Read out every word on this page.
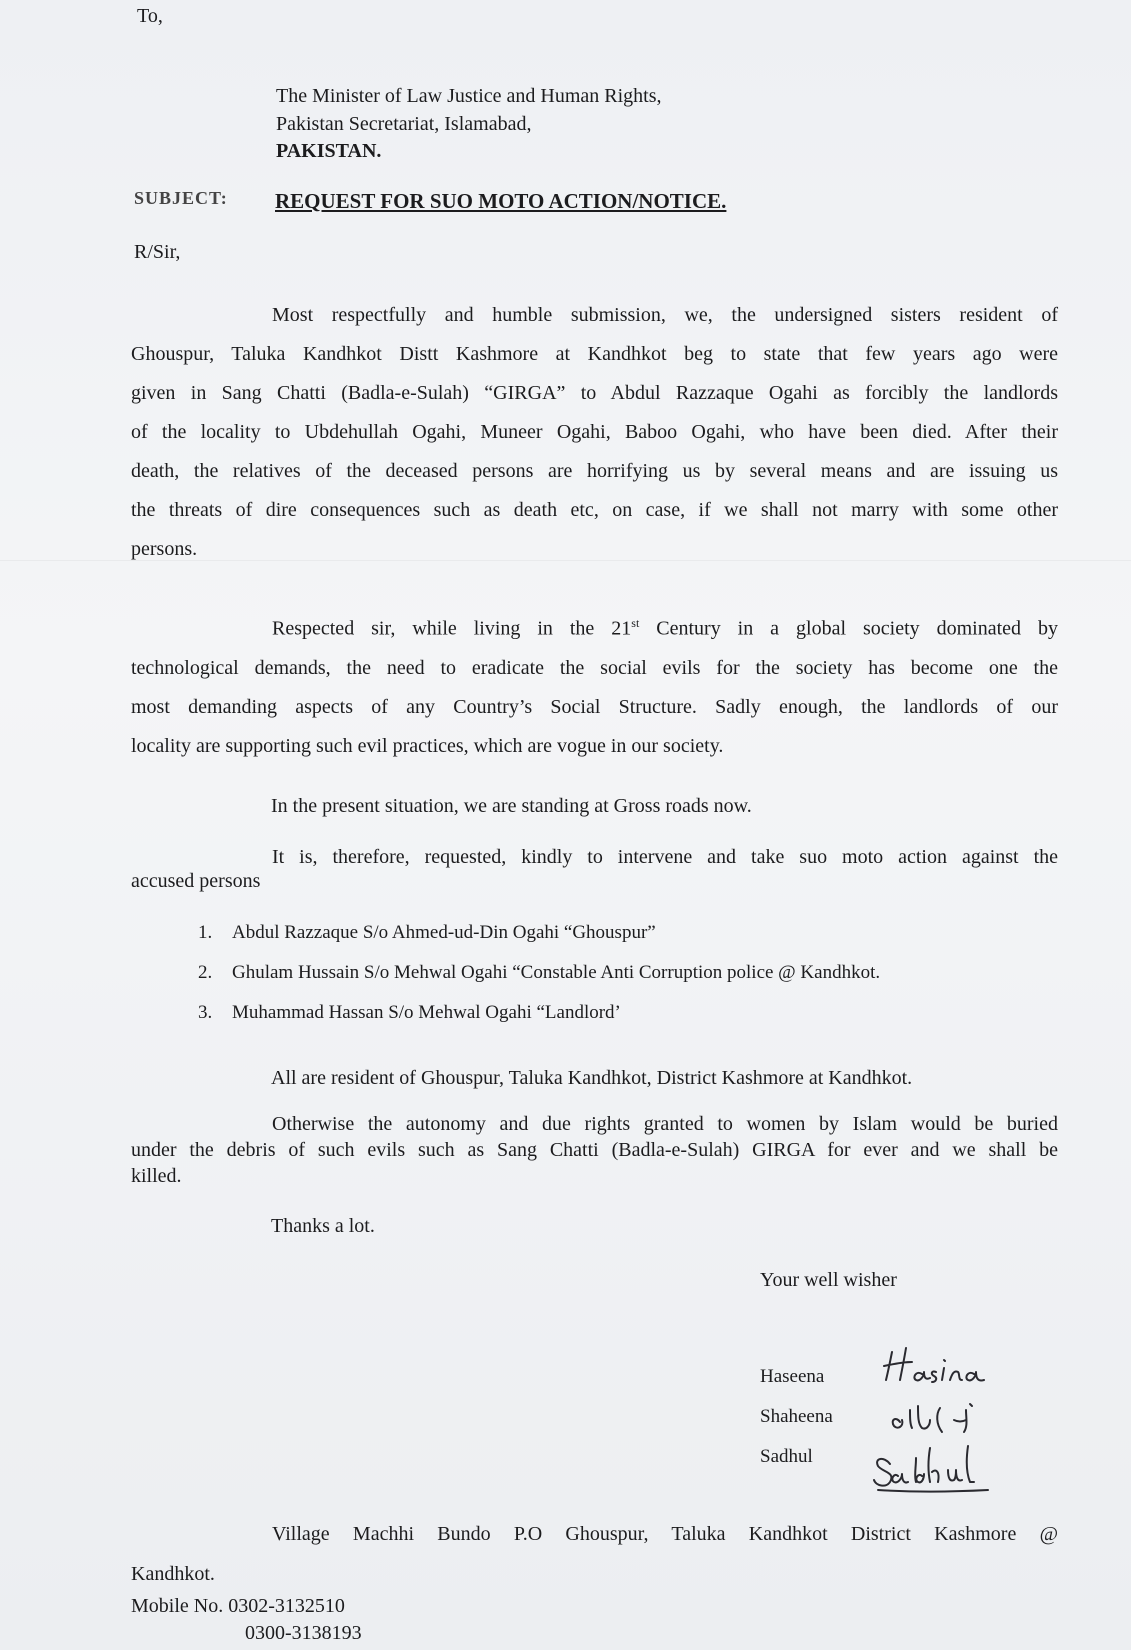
To,
The Minister of Law Justice and Human Rights,
Pakistan Secretariat, Islamabad,
PAKISTAN.
SUBJECT: REQUEST FOR SUO MOTO ACTION/NOTICE.
R/Sir,
Most respectfully and humble submission, we, the undersigned sisters resident of
Ghouspur, Taluka Kandhkot Distt Kashmore at Kandhkot beg to state that few years ago were
given in Sang Chatti (Badla-e-Sulah) “GIRGA” to Abdul Razzaque Ogahi as forcibly the landlords
of the locality to Ubdehullah Ogahi, Muneer Ogahi, Baboo Ogahi, who have been died. After their
death, the relatives of the deceased persons are horrifying us by several means and are issuing us
the threats of dire consequences such as death etc, on case, if we shall not marry with some other
persons.
Respected sir, while living in the 21st Century in a global society dominated by
technological demands, the need to eradicate the social evils for the society has become one the
most demanding aspects of any Country’s Social Structure. Sadly enough, the landlords of our
locality are supporting such evil practices, which are vogue in our society.
In the present situation, we are standing at Gross roads now.
It is, therefore, requested, kindly to intervene and take suo moto action against the
accused persons
1. Abdul Razzaque S/o Ahmed-ud-Din Ogahi “Ghouspur”
2. Ghulam Hussain S/o Mehwal Ogahi “Constable Anti Corruption police @ Kandhkot.
3. Muhammad Hassan S/o Mehwal Ogahi “Landlord’
All are resident of Ghouspur, Taluka Kandhkot, District Kashmore at Kandhkot.
Otherwise the autonomy and due rights granted to women by Islam would be buried
under the debris of such evils such as Sang Chatti (Badla-e-Sulah) GIRGA for ever and we shall be
killed.
Thanks a lot.
Your well wisher
Haseena
Shaheena
Sadhul
Village Machhi Bundo P.O Ghouspur, Taluka Kandhkot District Kashmore @
Kandhkot.
Mobile No. 0302-3132510
0300-3138193
